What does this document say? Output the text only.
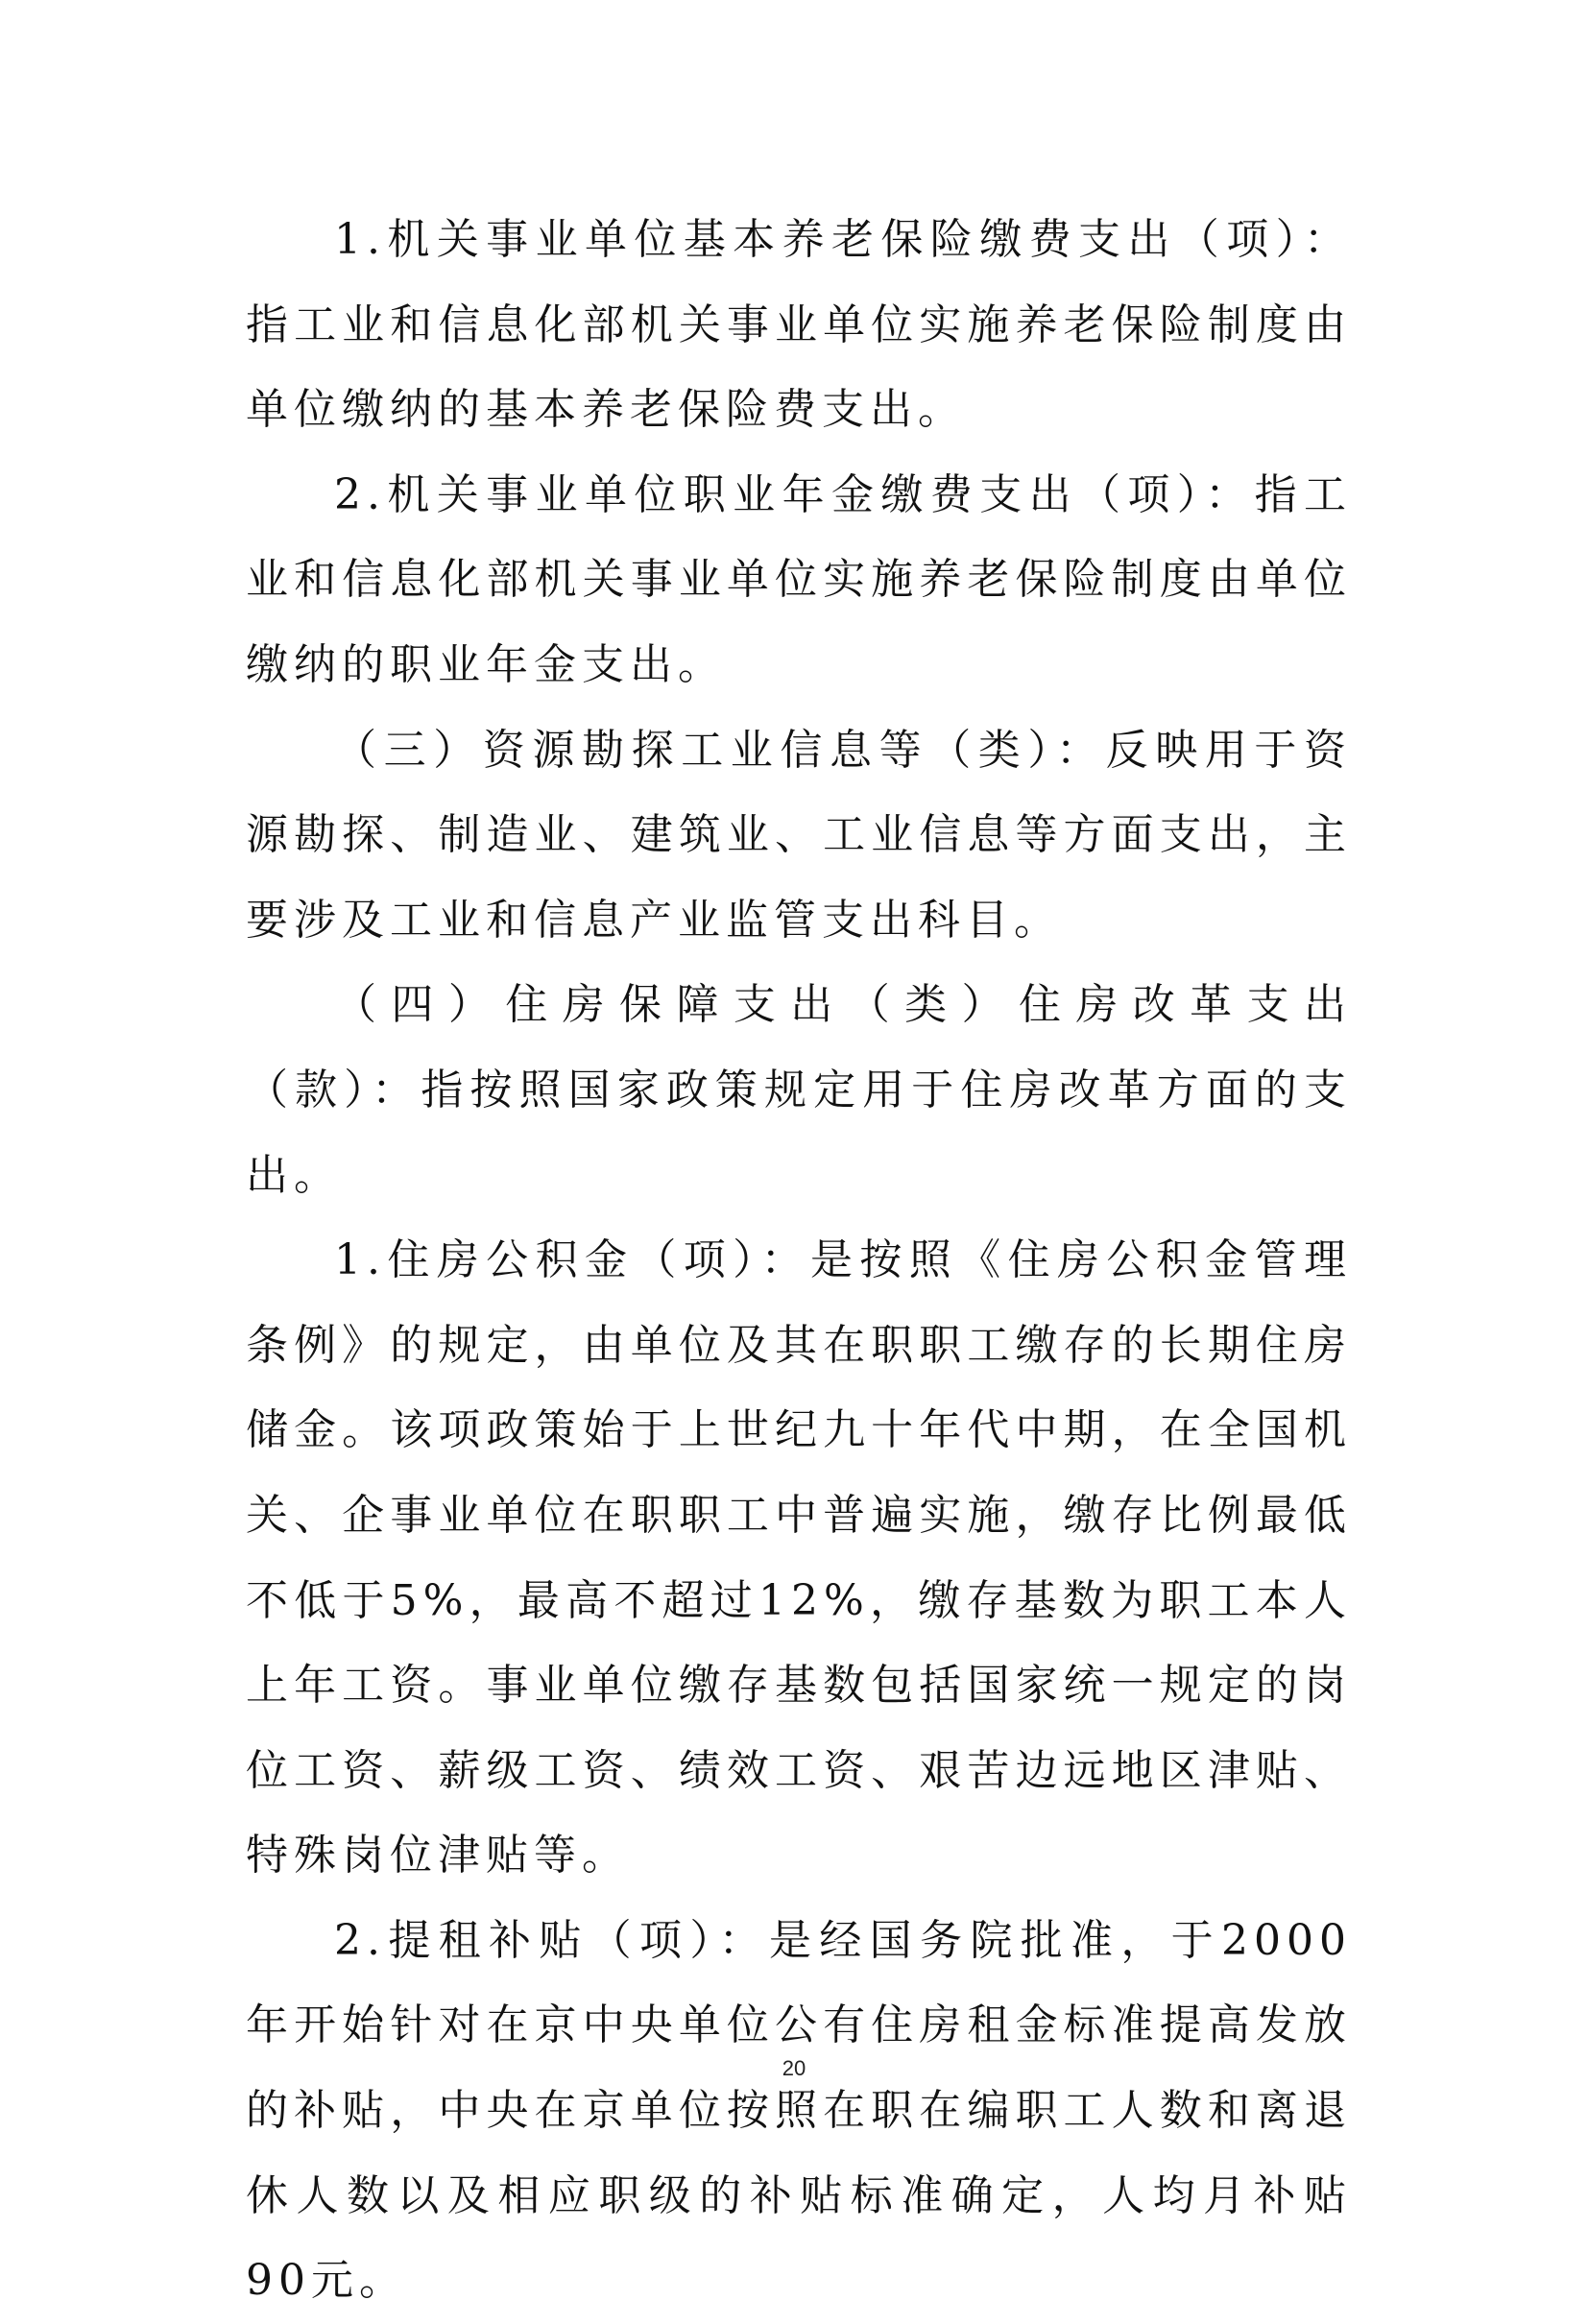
1.机关事业单位基本养老保险缴费支出（项）：指工业和信息化部机关事业单位实施养老保险制度由单位缴纳的基本养老保险费支出。

2.机关事业单位职业年金缴费支出（项）：指工业和信息化部机关事业单位实施养老保险制度由单位缴纳的职业年金支出。

（三）资源勘探工业信息等（类）：反映用于资源勘探、制造业、建筑业、工业信息等方面支出，主要涉及工业和信息产业监管支出科目。

（四）住房保障支出（类）住房改革支出（款）：指按照国家政策规定用于住房改革方面的支出。

1.住房公积金（项）：是按照《住房公积金管理条例》的规定，由单位及其在职职工缴存的长期住房储金。该项政策始于上世纪九十年代中期，在全国机关、企事业单位在职职工中普遍实施，缴存比例最低不低于5%，最高不超过12%，缴存基数为职工本人上年工资。事业单位缴存基数包括国家统一规定的岗位工资、薪级工资、绩效工资、艰苦边远地区津贴、特殊岗位津贴等。

2.提租补贴（项）：是经国务院批准，于2000年开始针对在京中央单位公有住房租金标准提高发放的补贴，中央在京单位按照在职在编职工人数和离退休人数以及相应职级的补贴标准确定，人均月补贴90元。

20
